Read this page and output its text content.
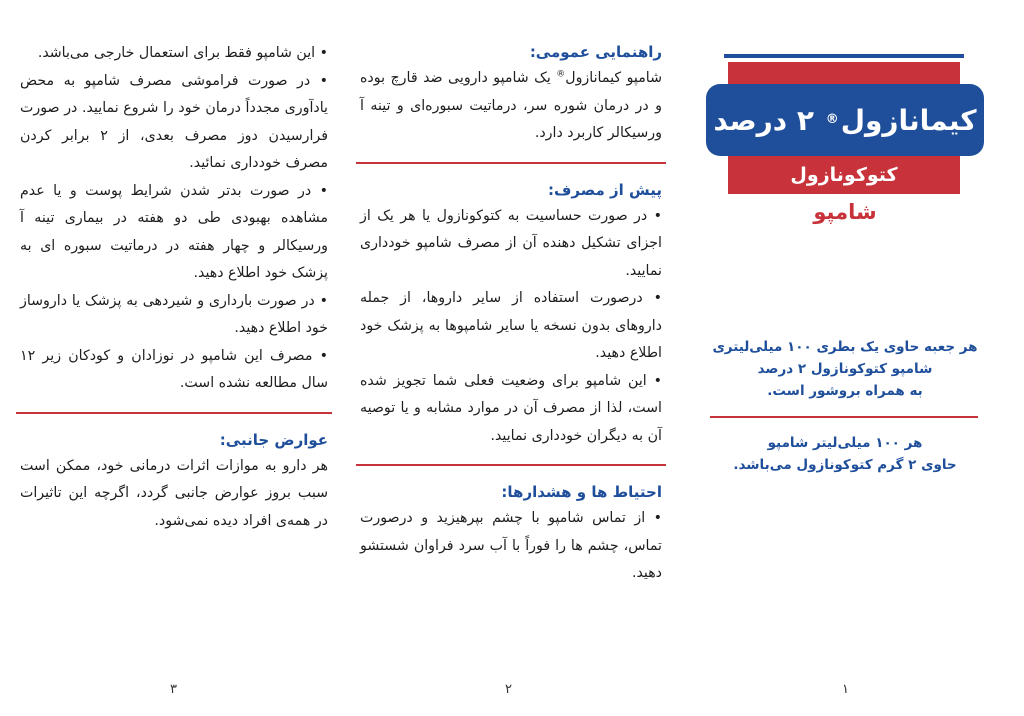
• این شامپو فقط برای استعمال خارجی می‌باشد.
• در صورت فراموشی مصرف شامپو به محض یادآوری مجدداً درمان خود را شروع نمایید. در صورت فرارسیدن دوز مصرف بعدی، از ۲ برابر کردن مصرف خودداری نمائید.
• در صورت بدتر شدن شرایط پوست و یا عدم مشاهده بهبودی طی دو هفته در بیماری تینه آ ورسیکالر و چهار هفته در درماتیت سبوره ای به پزشک خود اطلاع دهید.
• در صورت بارداری و شیردهی به پزشک یا داروساز خود اطلاع دهید.
• مصرف این شامپو در نوزادان و کودکان زیر ۱۲ سال مطالعه نشده است.
عوارض جانبی:

هر دارو به موازات اثرات درمانی خود، ممکن است سبب بروز عوارض جانبی گردد، اگرچه این تاثیرات در همه‌ی افراد دیده نمی‌شود.

راهنمایی عمومی:

شامپو کیمانازول® یک شامپو دارویی ضد قارچ بوده و در درمان شوره سر، درماتیت سبوره‌ای و تینه آ ورسیکالر کاربرد دارد.

پیش از مصرف:
• در صورت حساسیت به کتوکونازول یا هر یک از اجزای تشکیل دهنده آن از مصرف شامپو خودداری نمایید.
• درصورت استفاده از سایر داروها، از جمله داروهای بدون نسخه یا سایر شامپوها به پزشک خود اطلاع دهید.
• این شامپو برای وضعیت فعلی شما تجویز شده است، لذا از مصرف آن در موارد مشابه و یا توصیه آن به دیگران خودداری نمایید.
احتیاط ها و هشدارها:
• از تماس شامپو با چشم بپرهیزید و درصورت تماس، چشم ها را فوراً با آب سرد فراوان شستشو دهید.
کیمانازول
®

۲ درصد
کتوکونازول
شامپو
هر جعبه حاوی یک بطری ۱۰۰ میلی‌لیتری
شامپو کتوکونازول ۲ درصد
به همراه بروشور است.
هر ۱۰۰ میلی‌لیتر شامپو
حاوی ۲ گرم کتوکونازول می‌باشد.
۳	۲	۱
